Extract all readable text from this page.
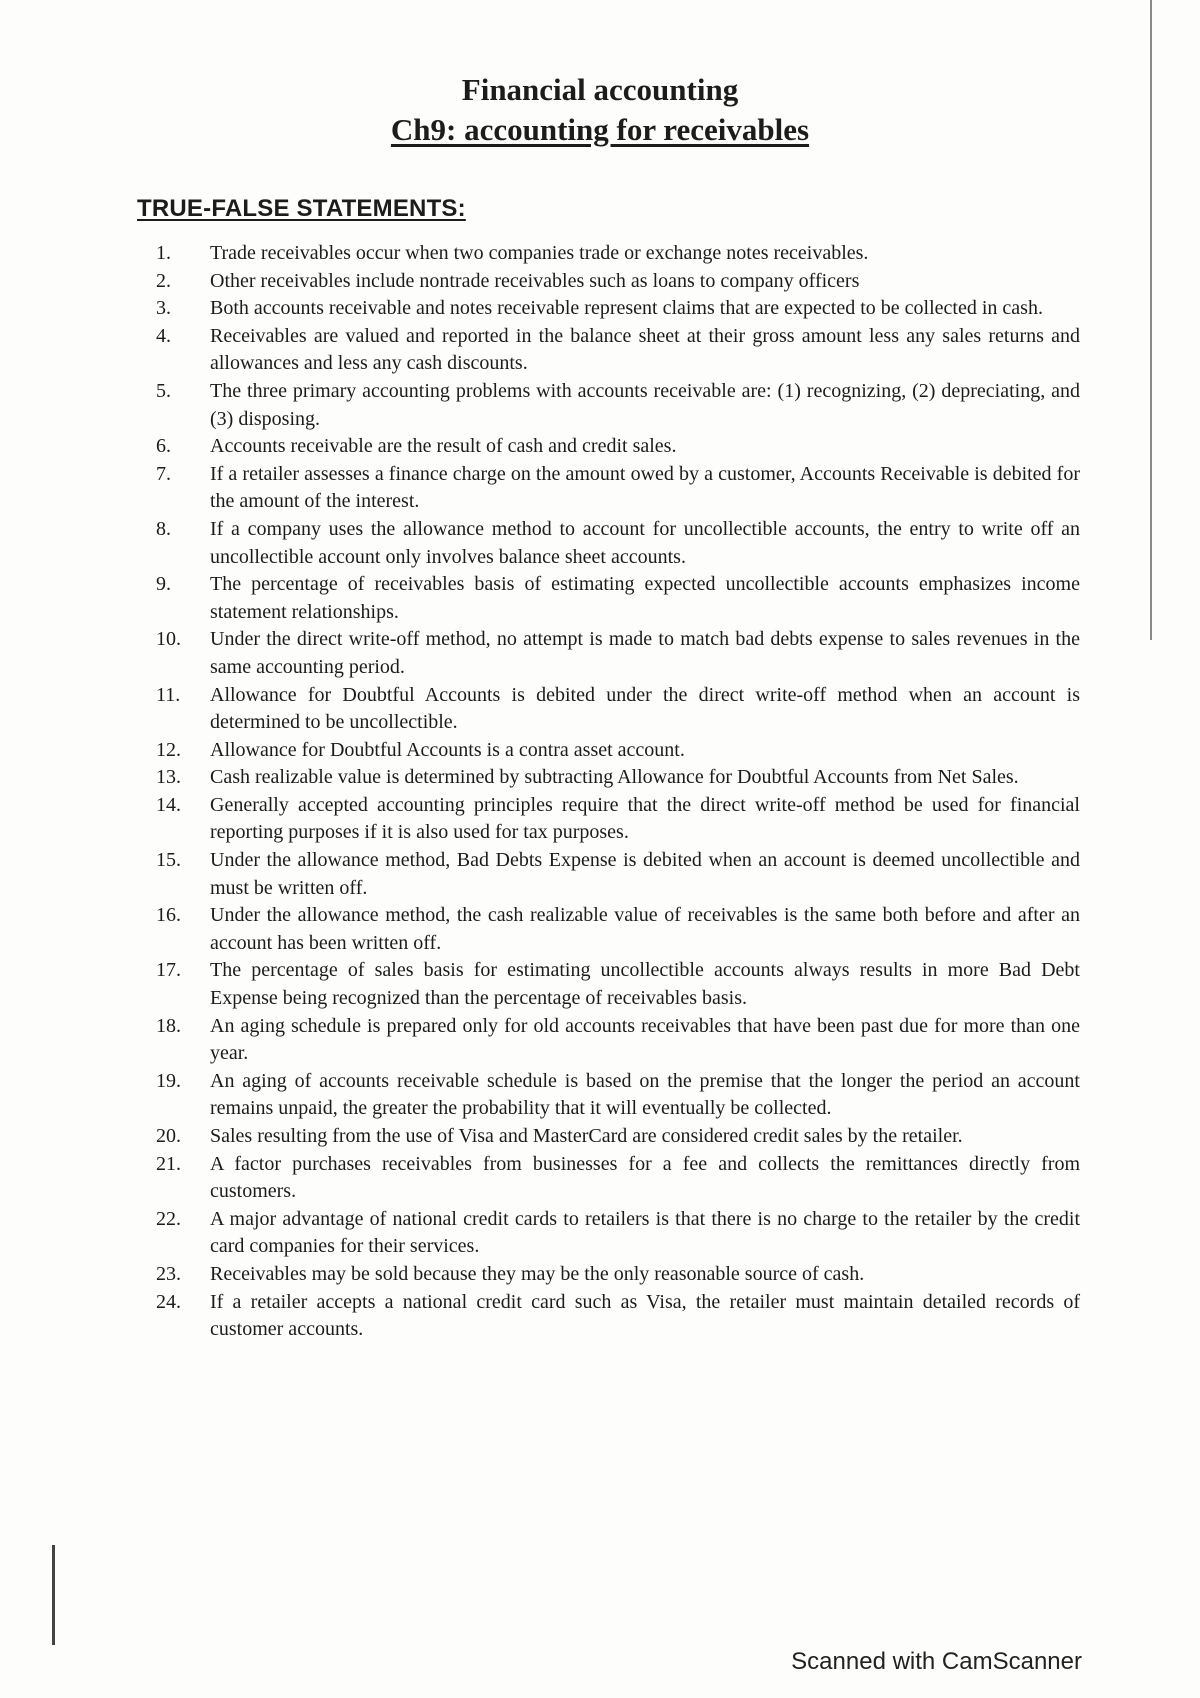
Financial accounting
Ch9: accounting for receivables
TRUE-FALSE STATEMENTS:
1.	Trade receivables occur when two companies trade or exchange notes receivables.
2.	Other receivables include nontrade receivables such as loans to company officers
3.	Both accounts receivable and notes receivable represent claims that are expected to be collected in cash.
4.	Receivables are valued and reported in the balance sheet at their gross amount less any sales returns and allowances and less any cash discounts.
5.	The three primary accounting problems with accounts receivable are: (1) recognizing, (2) depreciating, and (3) disposing.
6.	Accounts receivable are the result of cash and credit sales.
7.	If a retailer assesses a finance charge on the amount owed by a customer, Accounts Receivable is debited for the amount of the interest.
8.	If a company uses the allowance method to account for uncollectible accounts, the entry to write off an uncollectible account only involves balance sheet accounts.
9.	The percentage of receivables basis of estimating expected uncollectible accounts emphasizes income statement relationships.
10.	Under the direct write-off method, no attempt is made to match bad debts expense to sales revenues in the same accounting period.
11.	Allowance for Doubtful Accounts is debited under the direct write-off method when an account is determined to be uncollectible.
12.	Allowance for Doubtful Accounts is a contra asset account.
13.	Cash realizable value is determined by subtracting Allowance for Doubtful Accounts from Net Sales.
14.	Generally accepted accounting principles require that the direct write-off method be used for financial reporting purposes if it is also used for tax purposes.
15.	Under the allowance method, Bad Debts Expense is debited when an account is deemed uncollectible and must be written off.
16.	Under the allowance method, the cash realizable value of receivables is the same both before and after an account has been written off.
17.	The percentage of sales basis for estimating uncollectible accounts always results in more Bad Debt Expense being recognized than the percentage of receivables basis.
18.	An aging schedule is prepared only for old accounts receivables that have been past due for more than one year.
19.	An aging of accounts receivable schedule is based on the premise that the longer the period an account remains unpaid, the greater the probability that it will eventually be collected.
20.	Sales resulting from the use of Visa and MasterCard are considered credit sales by the retailer.
21.	A factor purchases receivables from businesses for a fee and collects the remittances directly from customers.
22.	A major advantage of national credit cards to retailers is that there is no charge to the retailer by the credit card companies for their services.
23.	Receivables may be sold because they may be the only reasonable source of cash.
24.	If a retailer accepts a national credit card such as Visa, the retailer must maintain detailed records of customer accounts.
Scanned with CamScanner
